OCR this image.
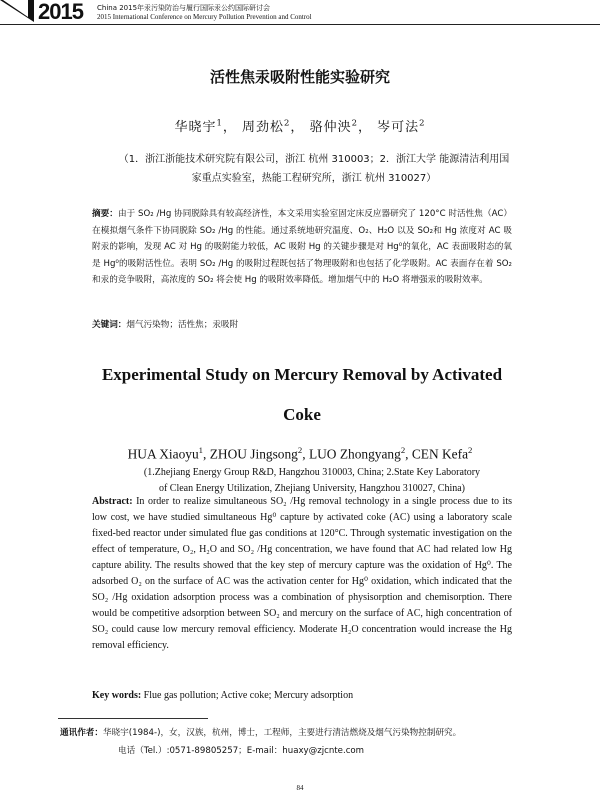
2015 China 2015年汞污染防治与履行国际汞公约国际研讨会
2015 International Conference on Mercury Pollution Prevention and Control
活性焦汞吸附性能实验研究
华晓宇$^1$， 周劲松$^2$， 骆仲泱$^2$， 岑可法$^2$
（1．浙江浙能技术研究院有限公司，浙江 杭州 310003；2．浙江大学 能源清洁利用国家重点实验室，热能工程研究所，浙江 杭州 310027）
摘要：由于 SO₂ /Hg 协同脱除具有较高经济性，本文采用实验室固定床反应器研究了 120°C 时活性焦（AC）在模拟烟气条件下协同脱除 SO₂ /Hg 的性能。通过系统地研究温度、O₂、H₂O 以及 SO₂和 Hg 浓度对 AC 吸附汞的影响，发现 AC 对 Hg 的吸附能力较低，AC 吸附 Hg 的关键步骤是对 Hg⁰的氧化，AC 表面吸附态的氧是 Hg⁰的吸附活性位。表明 SO₂ /Hg 的吸附过程既包括了物理吸附和也包括了化学吸附。AC 表面存在着 SO₂ 和汞的竞争吸附，高浓度的 SO₂ 将会使 Hg 的吸附效率降低。增加烟气中的 H₂O 将增强汞的吸附效率。
关键词：烟气污染物；活性焦；汞吸附
Experimental Study on Mercury Removal by Activated Coke
HUA Xiaoyu$^1$, ZHOU Jingsong$^2$, LUO Zhongyang$^2$, CEN Kefa$^2$
(1.Zhejiang Energy Group R&D, Hangzhou 310003, China; 2.State Key Laboratory of Clean Energy Utilization, Zhejiang University, Hangzhou 310027, China)
Abstract: In order to realize simultaneous SO₂ /Hg removal technology in a single process due to its low cost, we have studied simultaneous Hg⁰ capture by activated coke (AC) using a laboratory scale fixed-bed reactor under simulated flue gas conditions at 120°C. Through systematic investigation on the effect of temperature, O₂, H₂O and SO₂ /Hg concentration, we have found that AC had related low Hg capture ability. The results showed that the key step of mercury capture was the oxidation of Hg⁰. The adsorbed O₂ on the surface of AC was the activation center for Hg⁰ oxidation, which indicated that the SO₂ /Hg oxidation adsorption process was a combination of physisorption and chemisorption. There would be competitive adsorption between SO₂ and mercury on the surface of AC, high concentration of SO₂ could cause low mercury removal efficiency. Moderate H₂O concentration would increase the Hg removal efficiency.
Key words: Flue gas pollution; Active coke; Mercury adsorption
通讯作者：华晓宇(1984-)，女，汉族，杭州，博士，工程师，主要进行清洁燃烧及烟气污染物控制研究。
电话（Tel.）:0571-89805257；E-mail：huaxy@zjcnte.com
84
